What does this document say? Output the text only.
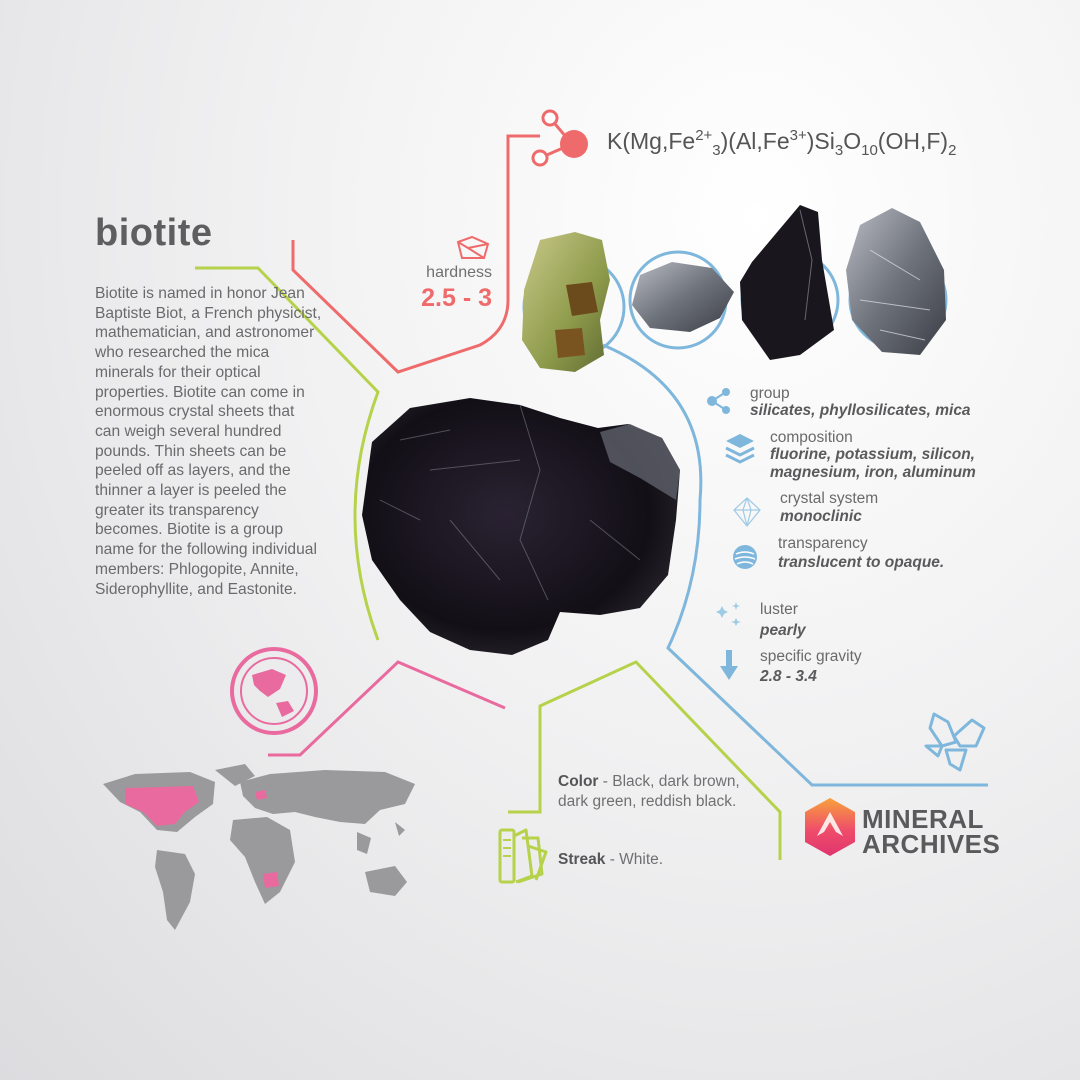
biotite
Biotite is named in honor Jean Baptiste Biot, a French physicist, mathematician, and astronomer who researched the mica minerals for their optical properties. Biotite can come in enormous crystal sheets that can weigh several hundred pounds. Thin sheets can be peeled off as layers, and the thinner a layer is peeled the greater its transparency becomes. Biotite is a group name for the following individual members: Phlogopite, Annite, Siderophyllite, and Eastonite.
$K(Mg,Fe^{2+}_3)(Al,Fe^{3+})Si_3O_{10}(OH,F)_2$
hardness
2.5 - 3
group
silicates, phyllosilicates, mica
composition
fluorine, potassium, silicon,
magnesium, iron, aluminum
crystal system
monoclinic
transparency
translucent to opaque.
luster
pearly
specific gravity
2.8 - 3.4
Color - Black, dark brown, dark green, reddish black.
Streak - White.
MINERAL
ARCHIVES
